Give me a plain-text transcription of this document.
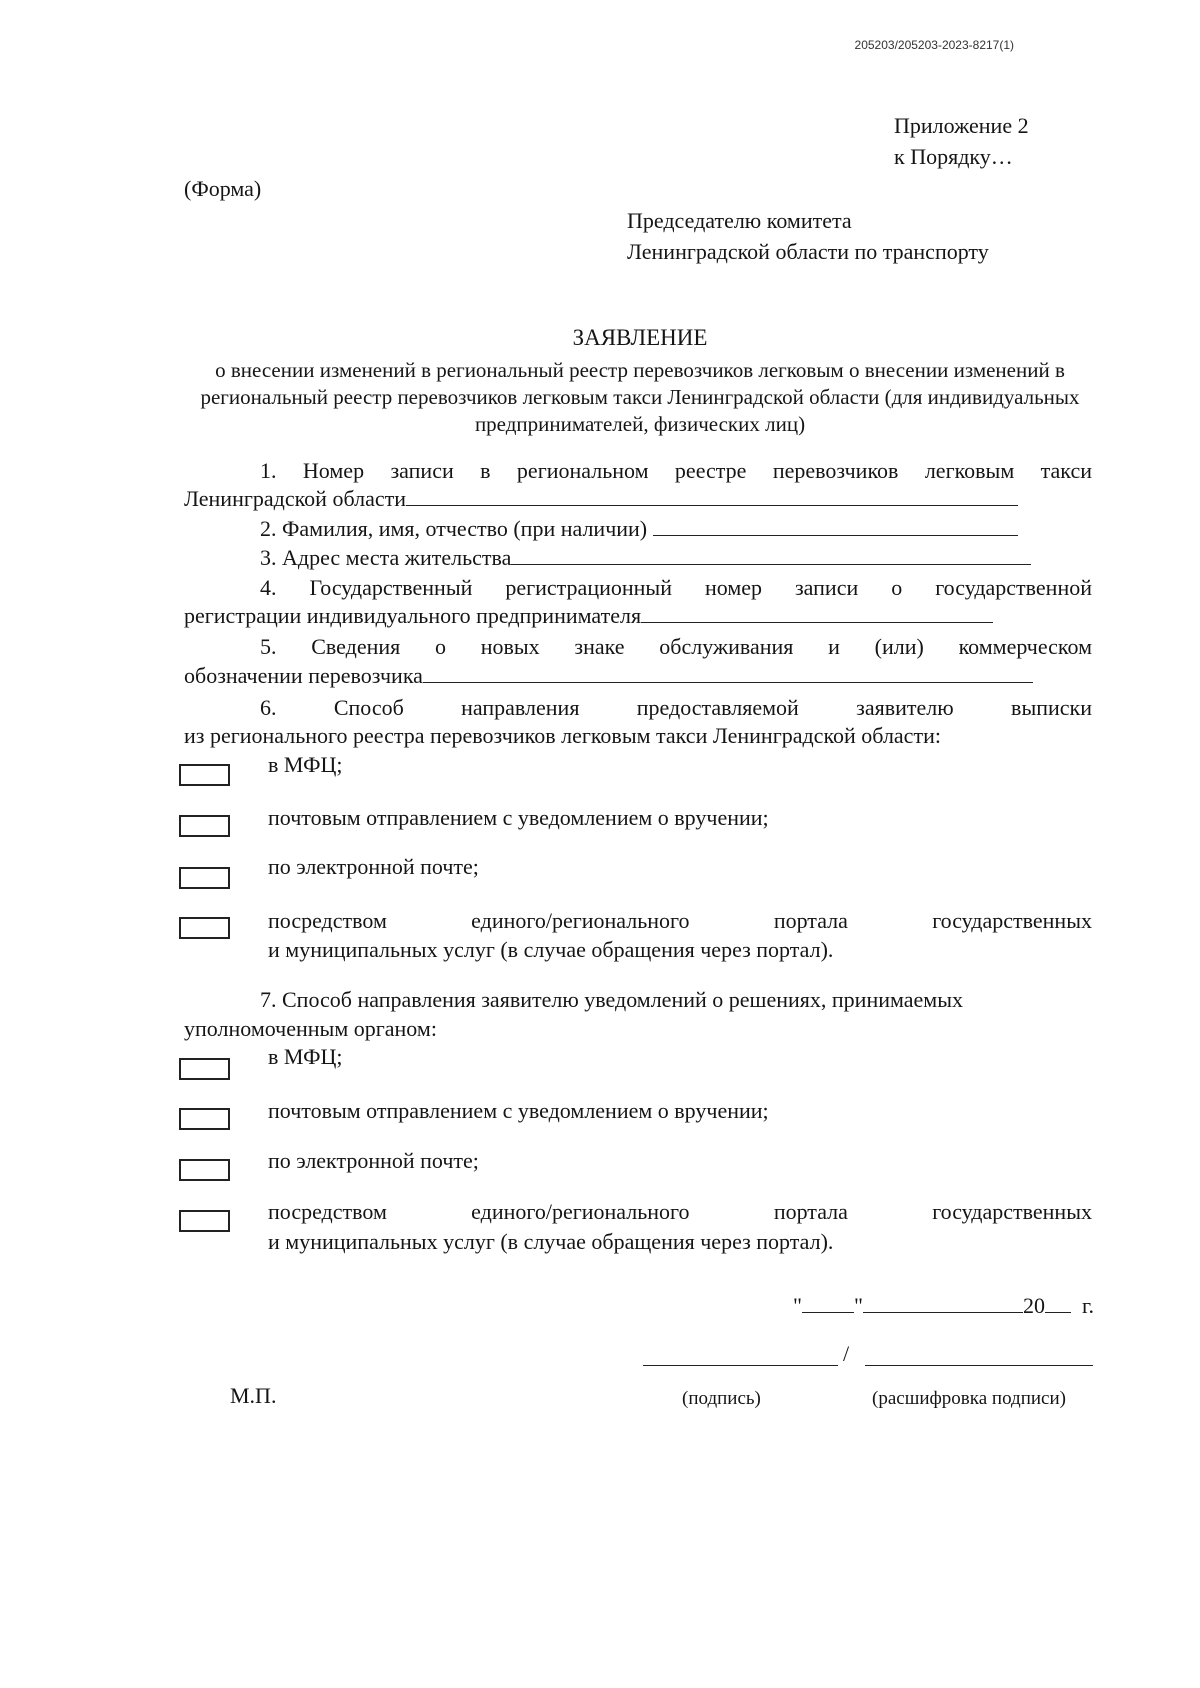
205203/205203-2023-8217(1)
Приложение 2
к Порядку…
(Форма)
Председателю комитета
Ленинградской области по транспорту
ЗАЯВЛЕНИЕ
о внесении изменений в региональный реестр перевозчиков легковым о внесении изменений в региональный реестр перевозчиков легковым такси Ленинградской области (для индивидуальных предпринимателей, физических лиц)
1. Номер записи в региональном реестре перевозчиков легковым такси
Ленинградской области
2. Фамилия, имя, отчество (при наличии)
3. Адрес места жительства
4. Государственный регистрационный номер записи о государственной
регистрации индивидуального предпринимателя
5. Сведения о новых знаке обслуживания и (или) коммерческом
обозначении перевозчика
6. Способ направления предоставляемой заявителю выписки
из регионального реестра перевозчиков легковым такси Ленинградской области:
в МФЦ;
почтовым отправлением с уведомлением о вручении;
по электронной почте;
посредством единого/регионального портала государственных
и муниципальных услуг (в случае обращения через портал).
7. Способ направления заявителю уведомлений о решениях, принимаемых
уполномоченным органом:
в МФЦ;
почтовым отправлением с уведомлением о вручении;
по электронной почте;
посредством единого/регионального портала государственных
и муниципальных услуг (в случае обращения через портал).
" "	20 г.
/
М.П.	(подпись)	(расшифровка подписи)
